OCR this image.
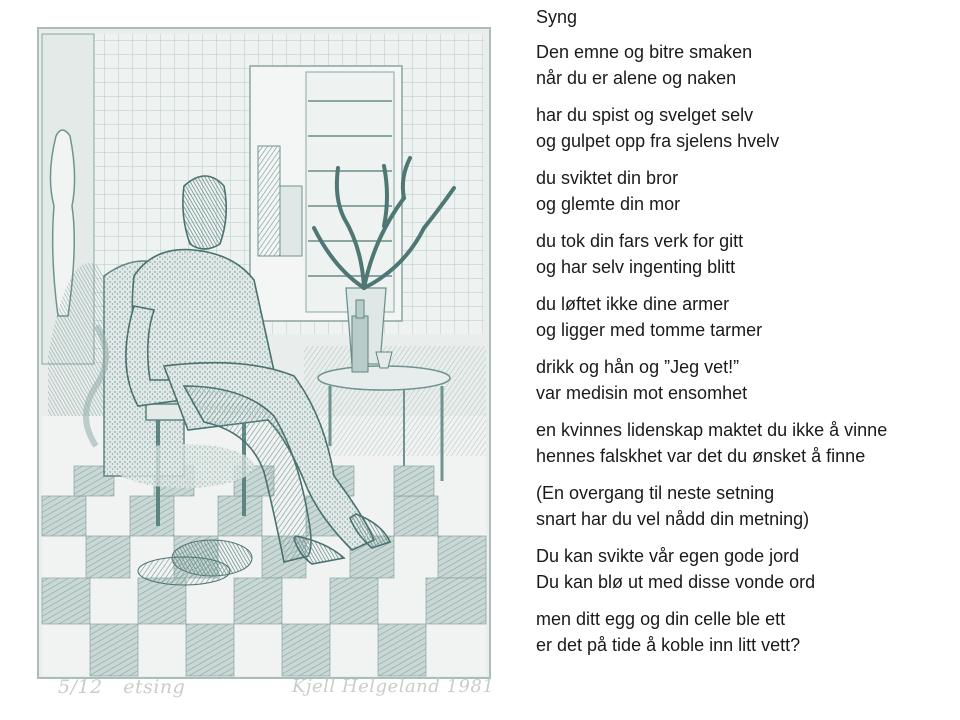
5/12 etsing	Kjell Helgeland 1981
Syng
Den emne og bitre smaken
når du er alene og naken
har du spist og svelget selv
og gulpet opp fra sjelens hvelv
du sviktet din bror
og glemte din mor
du tok din fars verk for gitt
og har selv ingenting blitt
du løftet ikke dine armer
og ligger med tomme tarmer
drikk og hån og ”Jeg vet!”
var medisin mot ensomhet
en kvinnes lidenskap maktet du ikke å vinne
hennes falskhet var det du ønsket å finne
(En overgang til neste setning
snart har du vel nådd din metning)
Du kan svikte vår egen gode jord
Du kan blø ut med disse vonde ord
men ditt egg og din celle ble ett
er det på tide å koble inn litt vett?
